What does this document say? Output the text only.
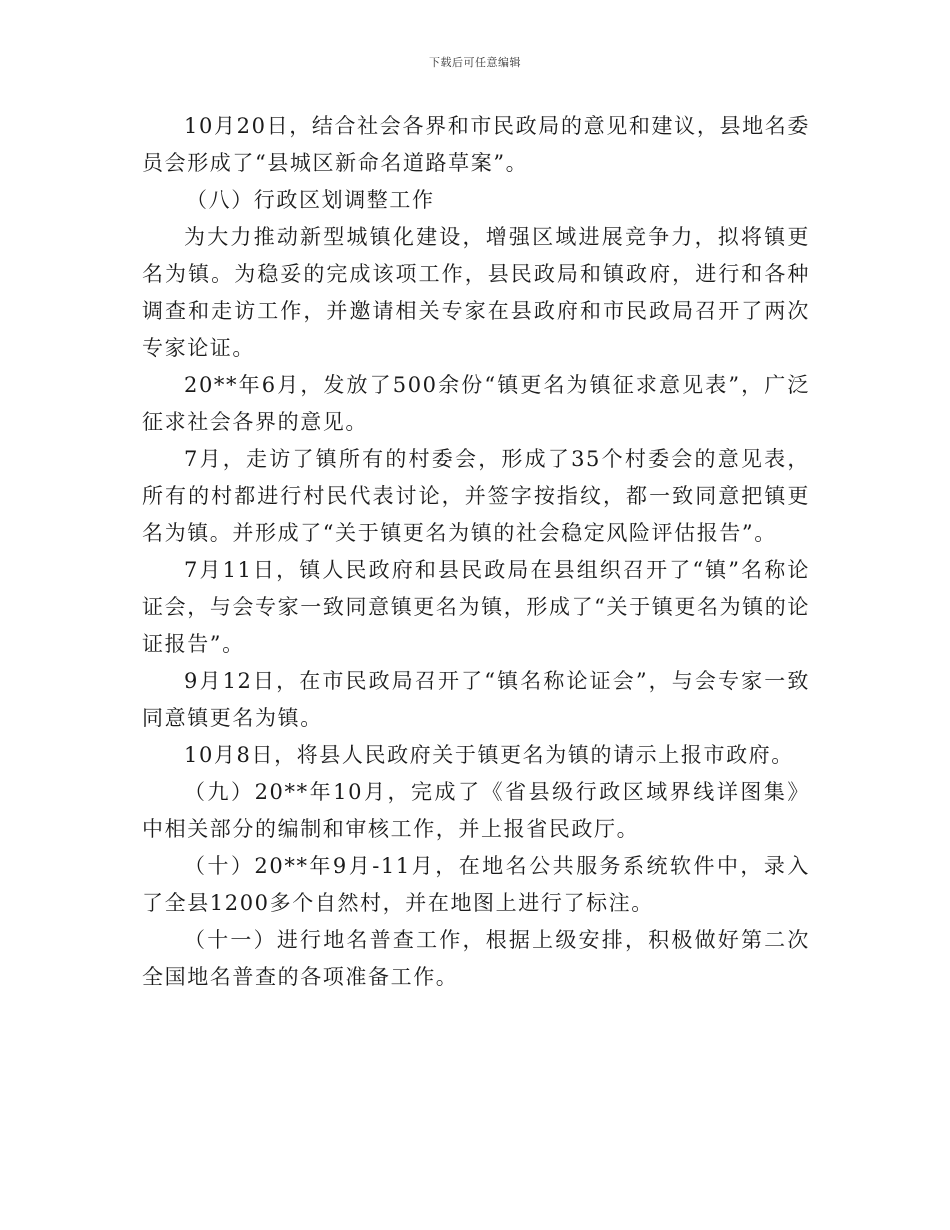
下载后可任意编辑

10月20日，结合社会各界和市民政局的意见和建议，县地名委员会形成了“县城区新命名道路草案”。

（八）行政区划调整工作

为大力推动新型城镇化建设，增强区域进展竞争力，拟将镇更名为镇。为稳妥的完成该项工作，县民政局和镇政府，进行和各种调查和走访工作，并邀请相关专家在县政府和市民政局召开了两次专家论证。

20**年6月，发放了500余份“镇更名为镇征求意见表”，广泛征求社会各界的意见。

7月，走访了镇所有的村委会，形成了35个村委会的意见表，所有的村都进行村民代表讨论，并签字按指纹，都一致同意把镇更名为镇。并形成了“关于镇更名为镇的社会稳定风险评估报告”。

7月11日，镇人民政府和县民政局在县组织召开了“镇”名称论证会，与会专家一致同意镇更名为镇，形成了“关于镇更名为镇的论证报告”。

9月12日，在市民政局召开了“镇名称论证会”，与会专家一致同意镇更名为镇。

10月8日，将县人民政府关于镇更名为镇的请示上报市政府。

（九）20**年10月，完成了《省县级行政区域界线详图集》中相关部分的编制和审核工作，并上报省民政厅。

（十）20**年9月-11月，在地名公共服务系统软件中，录入了全县1200多个自然村，并在地图上进行了标注。

（十一）进行地名普查工作，根据上级安排，积极做好第二次全国地名普查的各项准备工作。
